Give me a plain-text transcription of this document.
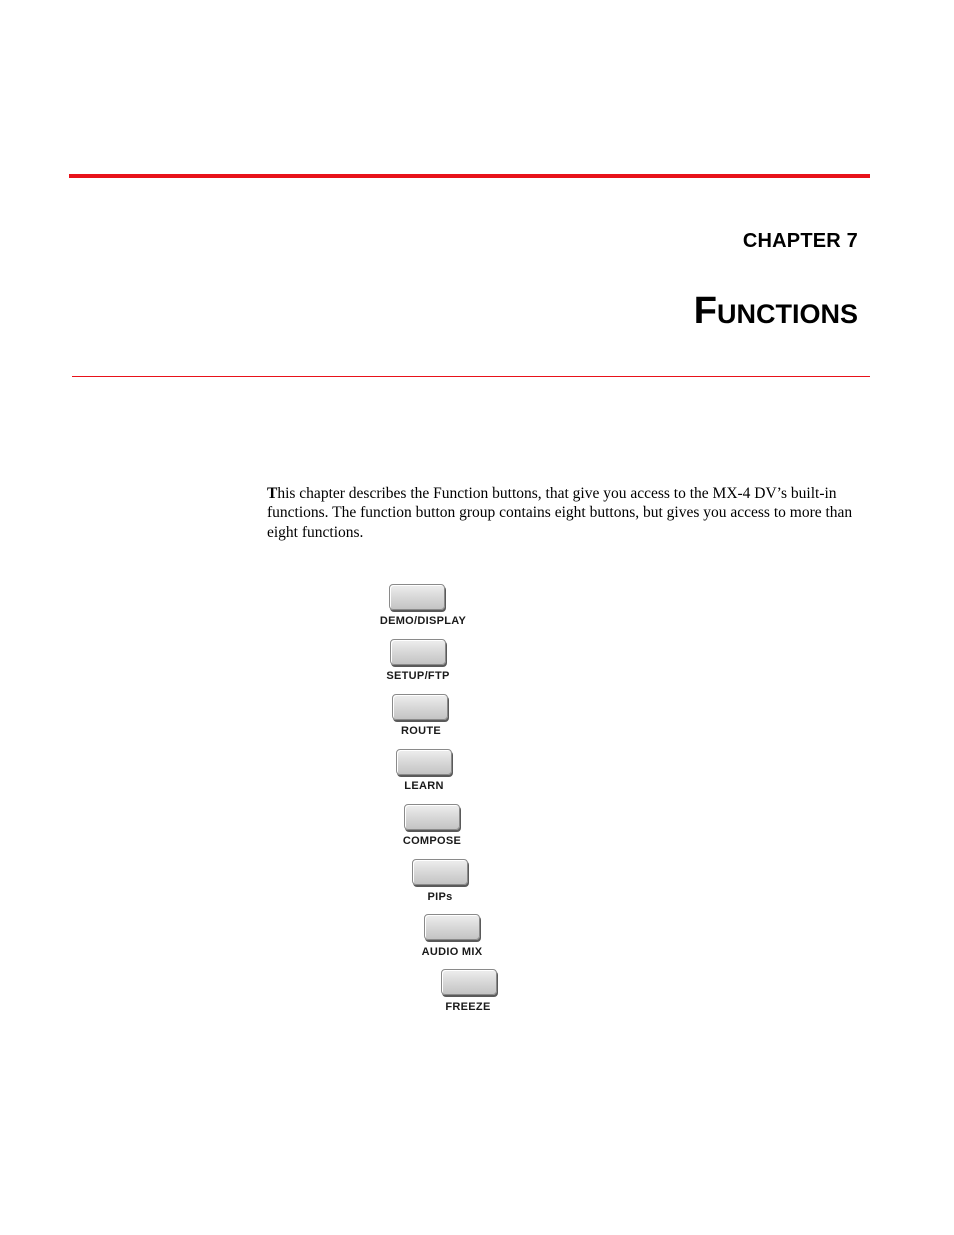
CHAPTER 7
Functions

This chapter describes the Function buttons, that give you access to the MX-4 DV’s built-in functions. The function button group contains eight buttons, but gives you access to more than eight functions.

DEMO/DISPLAY
SETUP/FTP
ROUTE
LEARN
COMPOSE
PIPs
AUDIO MIX
FREEZE
